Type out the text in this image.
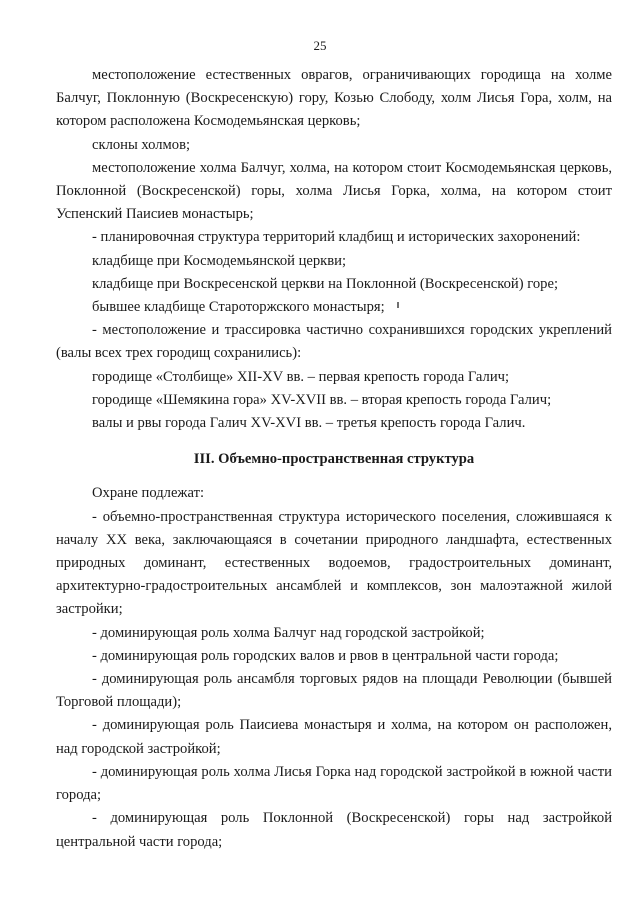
25

местоположение естественных оврагов, ограничивающих городища на холме Балчуг, Поклонную (Воскресенскую) гору, Козью Слободу, холм Лисья Гора, холм, на котором расположена Космодемьянская церковь;

склоны холмов;

местоположение холма Балчуг, холма, на котором стоит Космодемьянская церковь, Поклонной (Воскресенской) горы, холма Лисья Горка, холма, на котором стоит Успенский Паисиев монастырь;

- планировочная структура территорий кладбищ и исторических захоронений:

кладбище при Космодемьянской церкви;

кладбище при Воскресенской церкви на Поклонной (Воскресенской) горе;

бывшее кладбище Староторжского монастыря;

- местоположение и трассировка частично сохранившихся городских укреплений (валы всех трех городищ сохранились):

городище «Столбище» XII-XV вв. – первая крепость города Галич;

городище «Шемякина гора» XV-XVII вв. – вторая крепость города Галич;

валы и рвы города Галич XV-XVI вв. – третья крепость города Галич.

III. Объемно-пространственная структура

Охране подлежат:

- объемно-пространственная структура исторического поселения, сложившаяся к началу XX века, заключающаяся в сочетании природного ландшафта, естественных природных доминант, естественных водоемов, градостроительных доминант, архитектурно-градостроительных ансамблей и комплексов, зон малоэтажной жилой застройки;

- доминирующая роль холма Балчуг над городской застройкой;

- доминирующая роль городских валов и рвов в центральной части города;

- доминирующая роль ансамбля торговых рядов на площади Революции (бывшей Торговой площади);

- доминирующая роль Паисиева монастыря и холма, на котором он расположен, над городской застройкой;

- доминирующая роль холма Лисья Горка над городской застройкой в южной части города;

- доминирующая роль Поклонной (Воскресенской) горы над застройкой центральной части города;
